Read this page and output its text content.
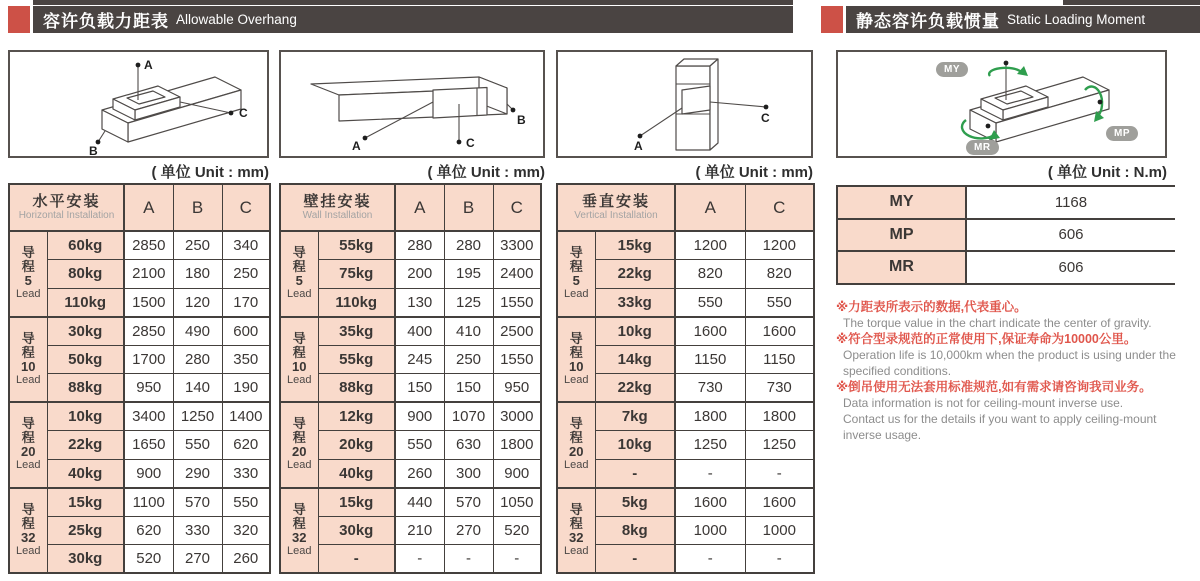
容许负载力距表 Allowable Overhang	静态容许负载惯量 Static Loading Moment
A
B
C
A
B
C	A
C
MY
MP
MR
( 单位 Unit : mm)	( 单位 Unit : mm)	( 单位 Unit : mm)	( 单位 Unit : N.m)
水平安装
Horizontal Installation		A	B	C

导
程
5
Lead	60kg	2850	250	340
	80kg	2100	180	250
	110kg	1500	120	170

导
程
10
Lead	30kg	2850	490	600
	50kg	1700	280	350
	88kg	950	140	190

导
程
20
Lead	10kg	3400	1250	1400
	22kg	1650	550	620
	40kg	900	290	330

导
程
32
Lead	15kg	1100	570	550
	25kg	620	330	320
	30kg	520	270	260
壁挂安装
Wall Installation		A	B	C

导
程
5
Lead	55kg	280	280	3300
	75kg	200	195	2400
	110kg	130	125	1550

导
程
10
Lead	35kg	400	410	2500
	55kg	245	250	1550
	88kg	150	150	950

导
程
20
Lead	12kg	900	1070	3000
	20kg	550	630	1800
	40kg	260	300	900

导
程
32
Lead	15kg	440	570	1050
	30kg	210	270	520
	-	-	-	-
垂直安装
Vertical Installation		A	C

导
程
5
Lead	15kg	1200	1200
	22kg	820	820
	33kg	550	550

导
程
10
Lead	10kg	1600	1600
	14kg	1150	1150
	22kg	730	730

导
程
20
Lead	7kg	1800	1800
	10kg	1250	1250
	-	-	-

导
程
32
Lead	5kg	1600	1600
	8kg	1000	1000
	-	-	-
MY	1168
MP	606
MR	606
※力距表所表示的数据,代表重心。
The torque value in the chart indicate the center of gravity.
※符合型录规范的正常使用下,保证寿命为10000公里。
Operation life is 10,000km when the product is using under the
specified conditions.
※倒吊使用无法套用标准规范,如有需求请咨询我司业务。
Data information is not for ceiling-mount inverse use.
Contact us for the details if you want to apply ceiling-mount
inverse usage.
